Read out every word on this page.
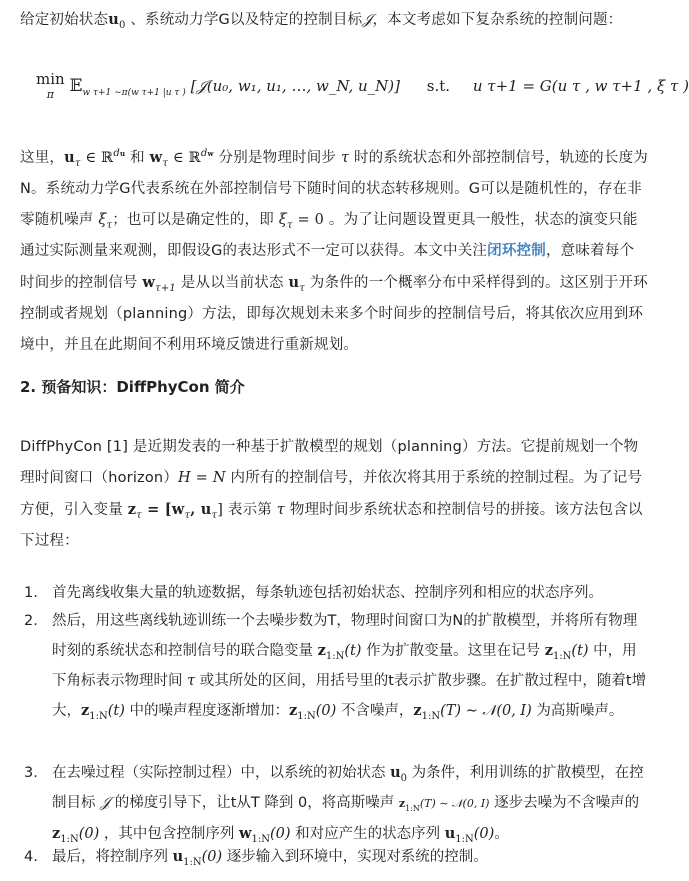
给定初始状态$u_0$ 、系统动力学G以及特定的控制目标𝒥，本文考虑如下复杂系统的控制问题：
min
π 𝔼$_{w \tau+1 \sim\pi(w \tau+1 |u \tau )}$ [𝒥(u₀, w₁, u₁, …, w_N, u_N)] s.t. u τ+1 = G(u τ , w τ+1 , ξ τ )
这里，$u_\tau$ ∈ ℝ$^{du}$ 和 $w_\tau$ ∈ ℝ$^{dw}$ 分别是物理时间步 τ 时的系统状态和外部控制信号，轨迹的长度为N。系统动力学G代表系统在外部控制信号下随时间的状态转移规则。G可以是随机性的，存在非零随机噪声 $\xi_\tau$；也可以是确定性的，即 $\xi_\tau = 0$ 。为了让问题设置更具一般性，状态的演变只能通过实际测量来观测，即假设G的表达形式不一定可以获得。本文中关注闭环控制，意味着每个时间步的控制信号 $w_{\tau+1}$ 是从以当前状态 $u_\tau$ 为条件的一个概率分布中采样得到的。这区别于开环控制或者规划（planning）方法，即每次规划未来多个时间步的控制信号后，将其依次应用到环境中，并且在此期间不利用环境反馈进行重新规划。
2. 预备知识：DiffPhyCon 简介
DiffPhyCon [1] 是近期发表的一种基于扩散模型的规划（planning）方法。它提前规划一个物理时间窗口（horizon）H = N 内所有的控制信号，并依次将其用于系统的控制过程。为了记号方便，引入变量 $z_\tau = [w_\tau$, $u_\tau$] 表示第 τ 物理时间步系统状态和控制信号的拼接。该方法包含以下过程：
1. 首先离线收集大量的轨迹数据，每条轨迹包括初始状态、控制序列和相应的状态序列。
2. 然后，用这些离线轨迹训练一个去噪步数为T，物理时间窗口为N的扩散模型，并将所有物理时刻的系统状态和控制信号的联合隐变量 $z_{1:N}(t)$ 作为扩散变量。这里在记号 $z_{1:N}(t)$ 中，用下角标表示物理时间 τ 或其所处的区间，用括号里的t表示扩散步骤。在扩散过程中，随着t增大，$z_{1:N}(t)$ 中的噪声程度逐渐增加：$z_{1:N}(0)$ 不含噪声，$z_{1:N}(T)$ ∼ 𝒩(0, I) 为高斯噪声。
3. 在去噪过程（实际控制过程）中，以系统的初始状态 $u_0$ 为条件，利用训练的扩散模型，在控制目标 𝒥 的梯度引导下，让t从T 降到 0，将高斯噪声 $z_{1:N}(T)$ ∼ 𝒩(0, I) 逐步去噪为不含噪声的 $z_{1:N}(0)$ ，其中包含控制序列 $w_{1:N}(0)$ 和对应产生的状态序列 $u_{1:N}(0)$。
4. 最后，将控制序列 $u_{1:N}(0)$ 逐步输入到环境中，实现对系统的控制。
